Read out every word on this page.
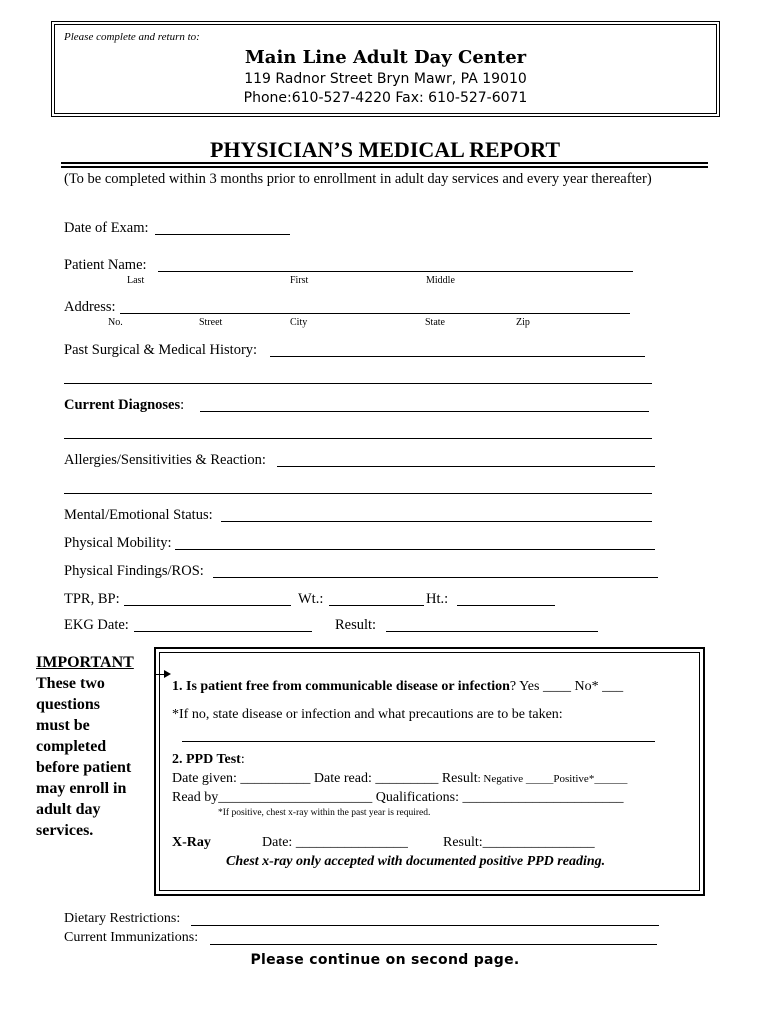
Please complete and return to:
Main Line Adult Day Center
119 Radnor Street Bryn Mawr, PA 19010
Phone:610-527-4220 Fax: 610-527-6071
PHYSICIAN’S MEDICAL REPORT
(To be completed within 3 months prior to enrollment in adult day services and every year thereafter)
Date of Exam:
Patient Name:
Last	First	Middle
Address:
No.	Street	City	State	Zip
Past Surgical & Medical History:
Current Diagnoses:
Allergies/Sensitivities & Reaction:
Mental/Emotional Status:
Physical Mobility:
Physical Findings/ROS:
TPR, BP:	Wt.:	Ht.:
EKG Date:	Result:
IMPORTANT
These two
questions
must be
completed
before patient
may enroll in
adult day
services.
1. Is patient free from communicable disease or infection? Yes ____ No* ___
*If no, state disease or infection and what precautions are to be taken:
2. PPD Test:
Date given: __________ Date read: _________ Result: Negative _____Positive*______
Read by______________________ Qualifications: _______________________
*If positive, chest x-ray within the past year is required.
X-Ray	Date: ________________	Result:________________
Chest x-ray only accepted with documented positive PPD reading.
Dietary Restrictions:
Current Immunizations:
Please continue on second page.
